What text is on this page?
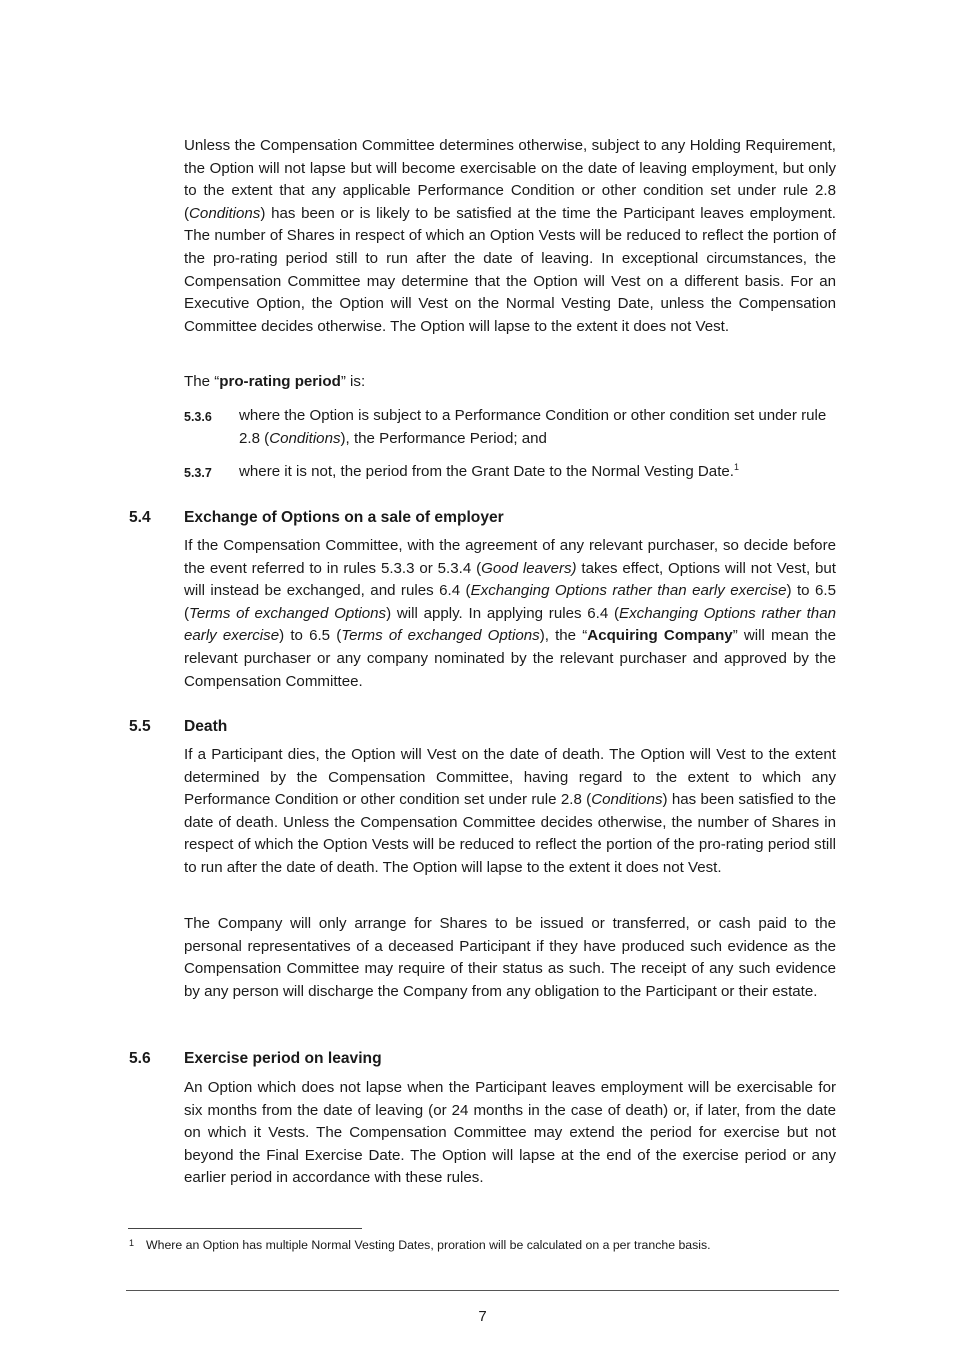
Unless the Compensation Committee determines otherwise, subject to any Holding Requirement, the Option will not lapse but will become exercisable on the date of leaving employment, but only to the extent that any applicable Performance Condition or other condition set under rule 2.8 (Conditions) has been or is likely to be satisfied at the time the Participant leaves employment. The number of Shares in respect of which an Option Vests will be reduced to reflect the portion of the pro-rating period still to run after the date of leaving. In exceptional circumstances, the Compensation Committee may determine that the Option will Vest on a different basis. For an Executive Option, the Option will Vest on the Normal Vesting Date, unless the Compensation Committee decides otherwise. The Option will lapse to the extent it does not Vest.

The “pro-rating period” is:

5.3.6 where the Option is subject to a Performance Condition or other condition set under rule 2.8 (Conditions), the Performance Period; and

5.3.7 where it is not, the period from the Grant Date to the Normal Vesting Date.$^1$

5.4 Exchange of Options on a sale of employer

If the Compensation Committee, with the agreement of any relevant purchaser, so decide before the event referred to in rules 5.3.3 or 5.3.4 (Good leavers) takes effect, Options will not Vest, but will instead be exchanged, and rules 6.4 (Exchanging Options rather than early exercise) to 6.5 (Terms of exchanged Options) will apply. In applying rules 6.4 (Exchanging Options rather than early exercise) to 6.5 (Terms of exchanged Options), the “Acquiring Company” will mean the relevant purchaser or any company nominated by the relevant purchaser and approved by the Compensation Committee.

5.5 Death

If a Participant dies, the Option will Vest on the date of death. The Option will Vest to the extent determined by the Compensation Committee, having regard to the extent to which any Performance Condition or other condition set under rule 2.8 (Conditions) has been satisfied to the date of death. Unless the Compensation Committee decides otherwise, the number of Shares in respect of which the Option Vests will be reduced to reflect the portion of the pro-rating period still to run after the date of death. The Option will lapse to the extent it does not Vest.

The Company will only arrange for Shares to be issued or transferred, or cash paid to the personal representatives of a deceased Participant if they have produced such evidence as the Compensation Committee may require of their status as such. The receipt of any such evidence by any person will discharge the Company from any obligation to the Participant or their estate.

5.6 Exercise period on leaving

An Option which does not lapse when the Participant leaves employment will be exercisable for six months from the date of leaving (or 24 months in the case of death) or, if later, from the date on which it Vests. The Compensation Committee may extend the period for exercise but not beyond the Final Exercise Date. The Option will lapse at the end of the exercise period or any earlier period in accordance with these rules.

1 Where an Option has multiple Normal Vesting Dates, proration will be calculated on a per tranche basis.
7
